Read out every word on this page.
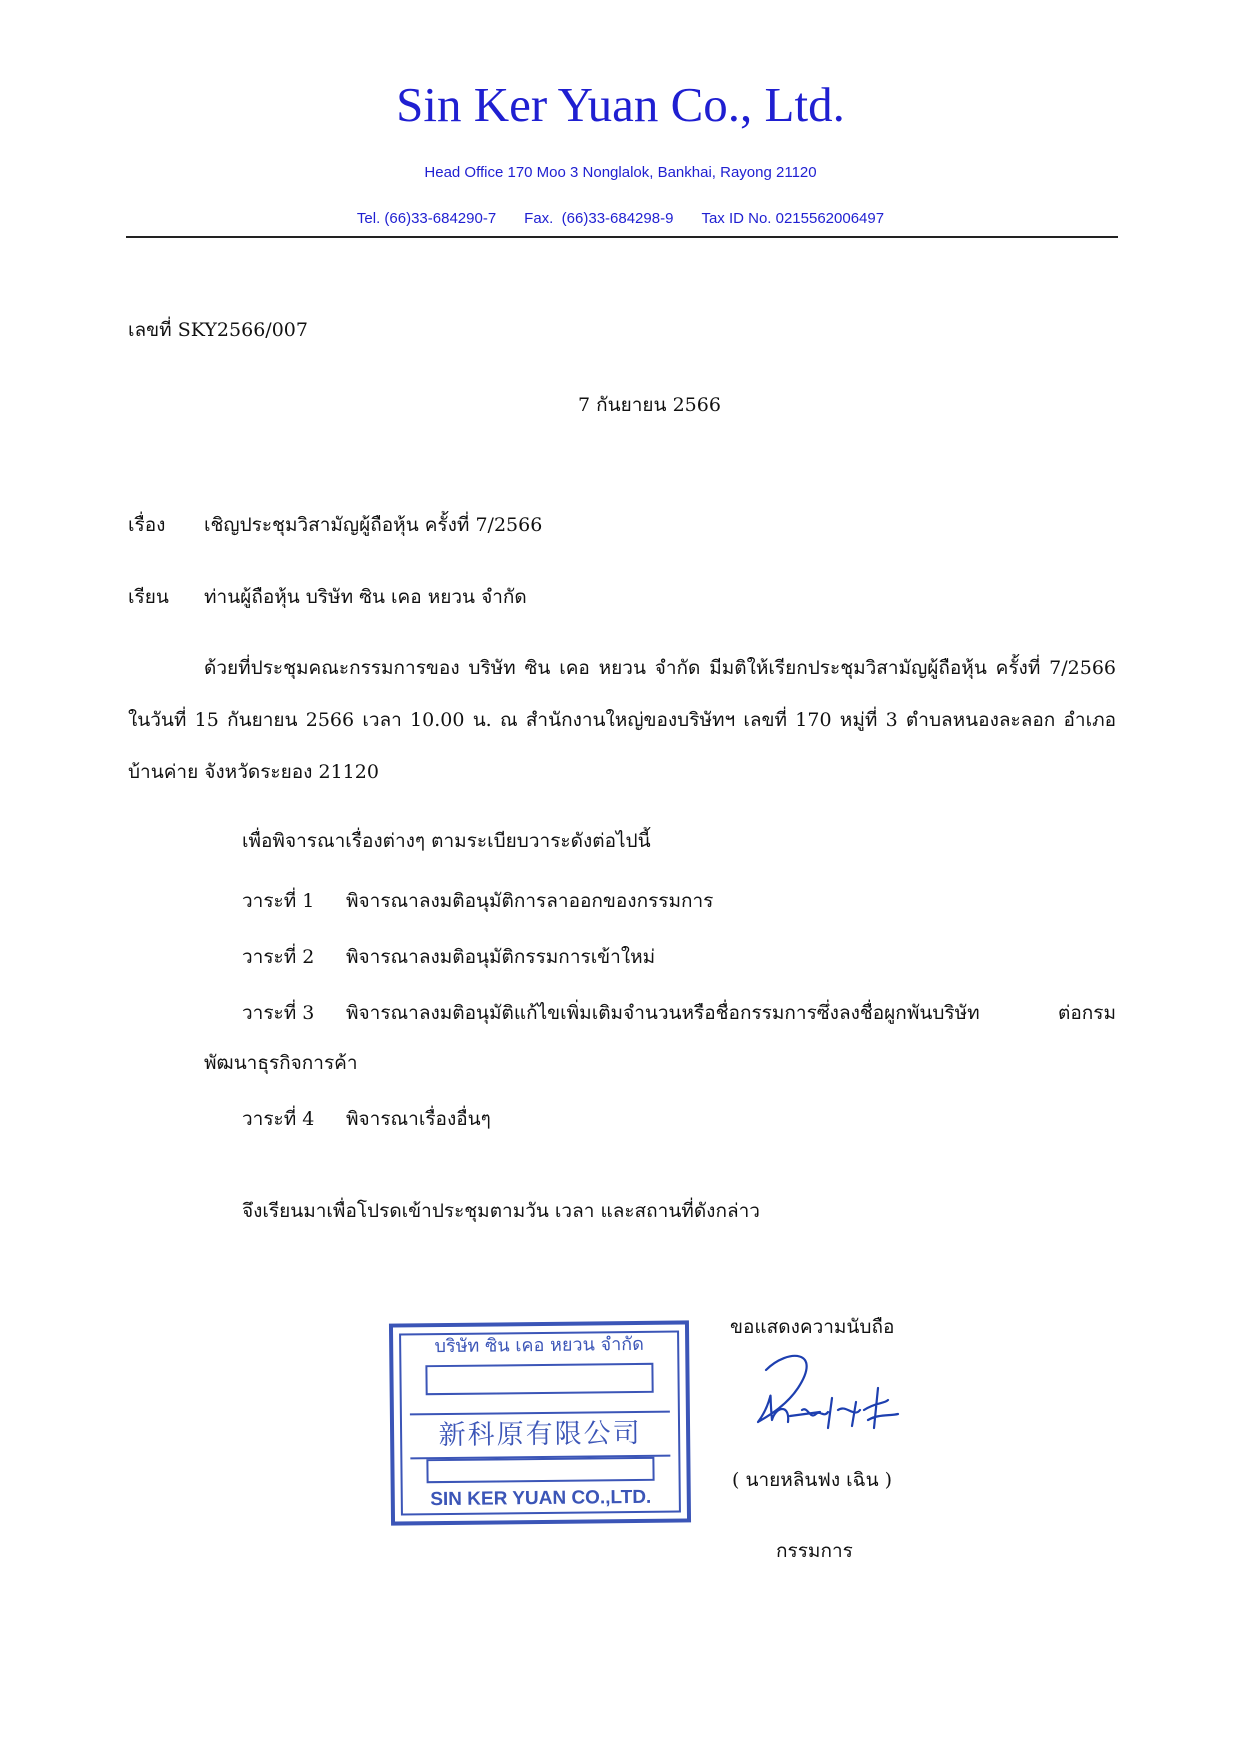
Sin Ker Yuan Co., Ltd.
Head Office 170 Moo 3 Nonglalok, Bankhai, Rayong 21120
Tel. (66)33-684290-7 Fax.  (66)33-684298-9 Tax ID No. 0215562006497
เลขที่ SKY2566/007
7 กันยายน 2566
เรื่อง เชิญประชุมวิสามัญผู้ถือหุ้น ครั้งที่ 7/2566
เรียน ท่านผู้ถือหุ้น บริษัท ซิน เคอ หยวน จำกัด
ด้วยที่ประชุมคณะกรรมการของ บริษัท ซิน เคอ หยวน จำกัด มีมติให้เรียกประชุมวิสามัญผู้ถือหุ้น ครั้งที่ 7/2566 ในวันที่ 15 กันยายน 2566 เวลา 10.00 น. ณ สำนักงานใหญ่ของบริษัทฯ เลขที่ 170 หมู่ที่ 3 ตำบลหนองละลอก อำเภอบ้านค่าย จังหวัดระยอง 21120
เพื่อพิจารณาเรื่องต่างๆ ตามระเบียบวาระดังต่อไปนี้
วาระที่ 1 พิจารณาลงมติอนุมัติการลาออกของกรรมการ
วาระที่ 2 พิจารณาลงมติอนุมัติกรรมการเข้าใหม่
วาระที่ 3 พิจารณาลงมติอนุมัติแก้ไขเพิ่มเติมจำนวนหรือชื่อกรรมการซึ่งลงชื่อผูกพันบริษัท ต่อกรม
พัฒนาธุรกิจการค้า
วาระที่ 4 พิจารณาเรื่องอื่นๆ
จึงเรียนมาเพื่อโปรดเข้าประชุมตามวัน เวลา และสถานที่ดังกล่าว
ขอแสดงความนับถือ
( นายหลินฟง เฉิน )
กรรมการ
บริษัท ซิน เคอ หยวน จำกัด
新科原有限公司
SIN KER YUAN CO.,LTD.
